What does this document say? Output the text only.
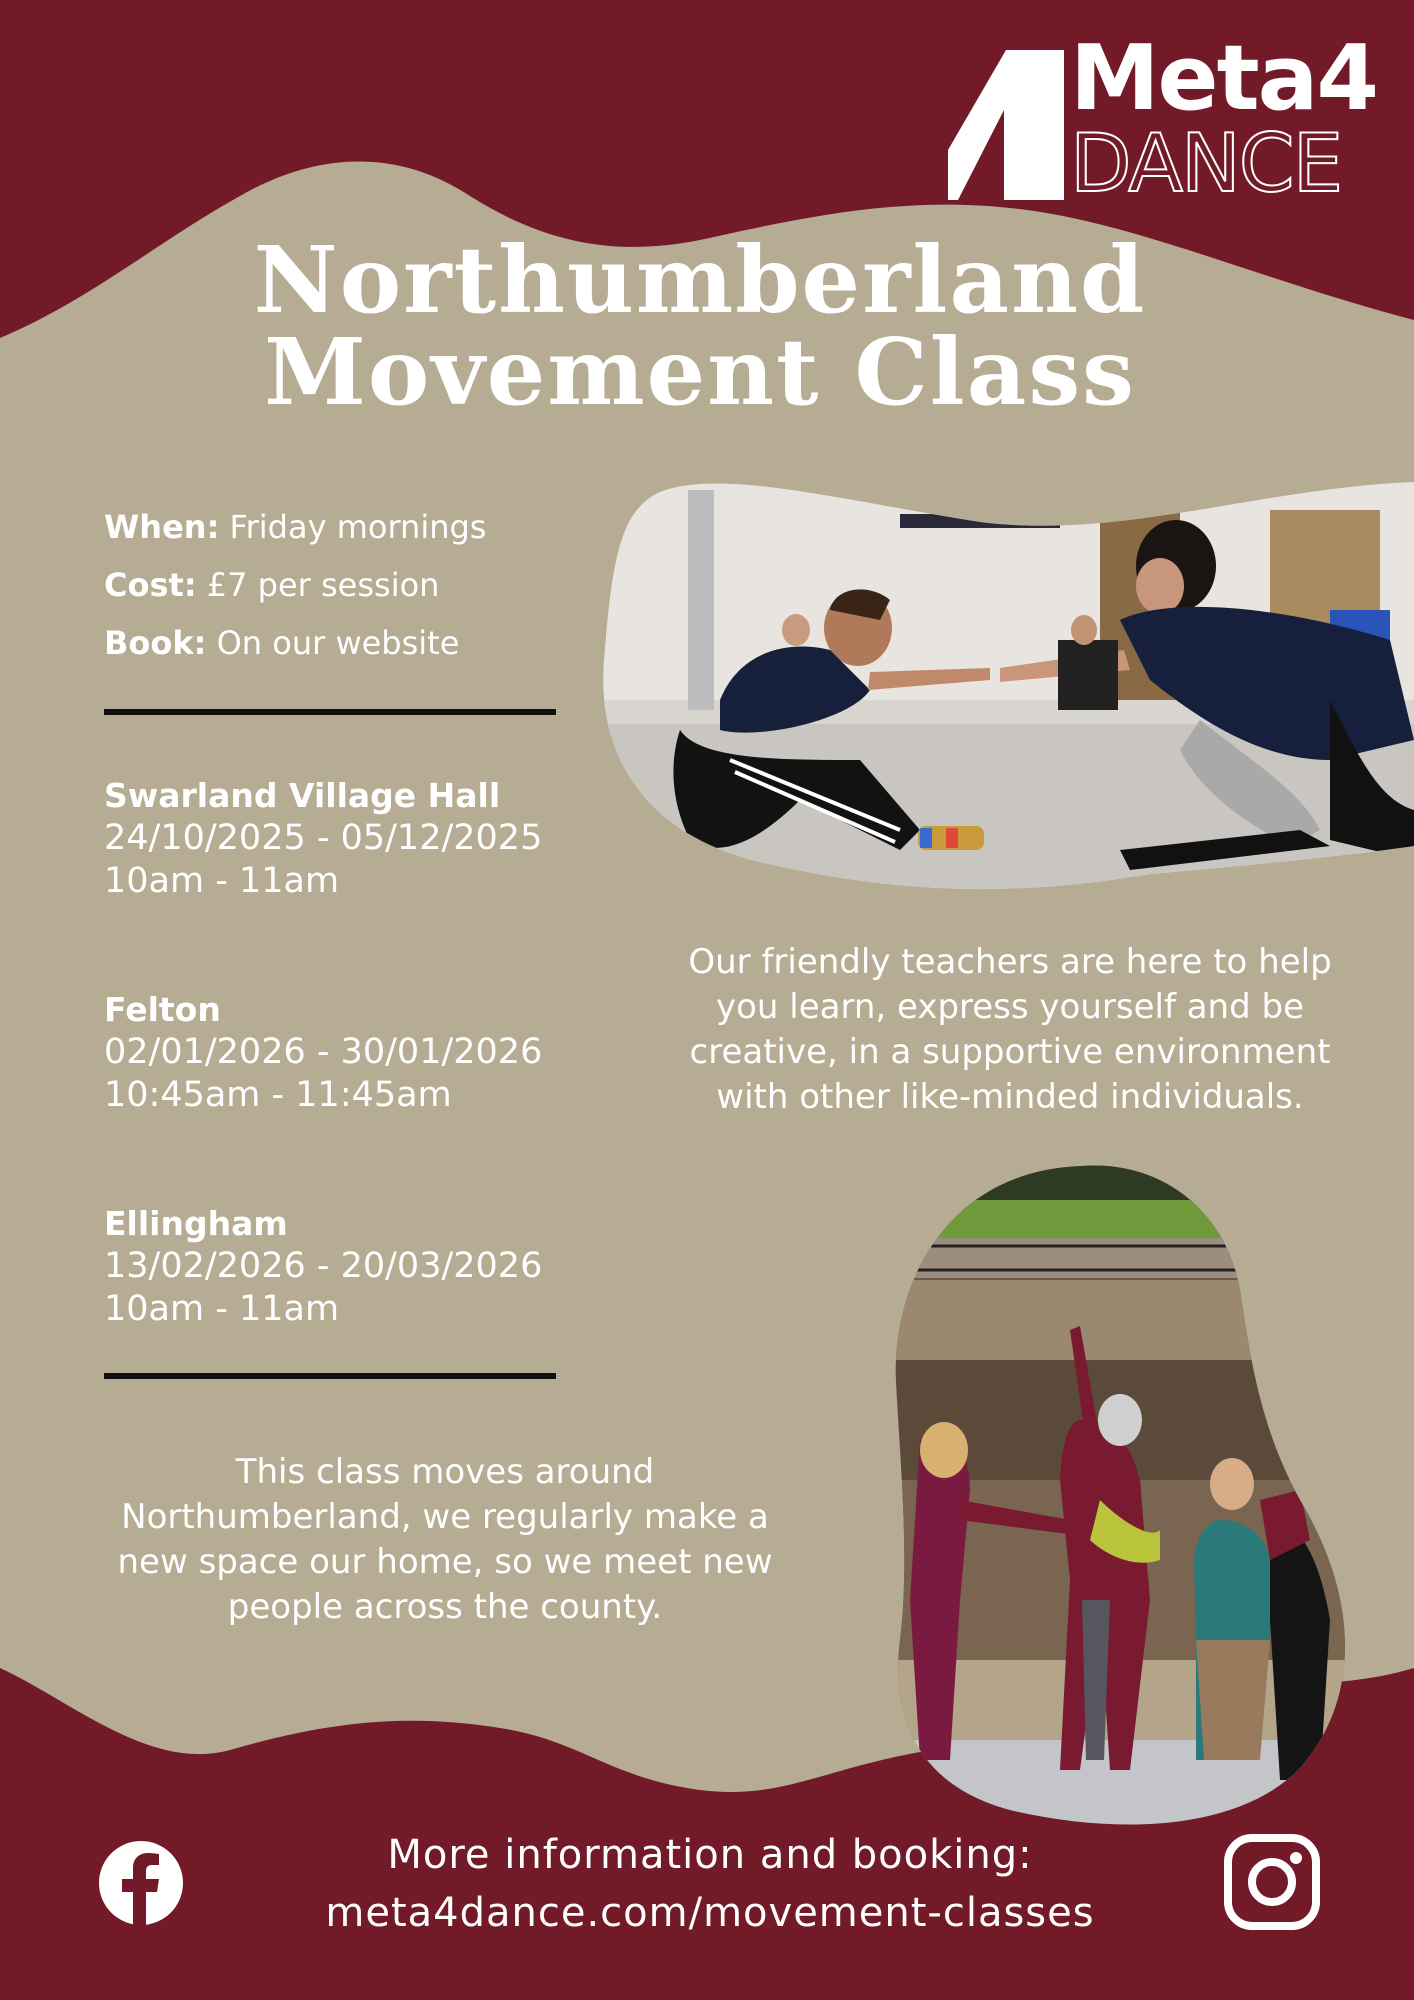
Meta4
DANCE
Northumberland
Movement Class
When: Friday mornings
Cost: £7 per session
Book: On our website
Swarland Village Hall
24/10/2025 - 05/12/2025
10am - 11am
Felton
02/01/2026 - 30/01/2026
10:45am - 11:45am
Ellingham
13/02/2026 - 20/03/2026
10am - 11am

Our friendly teachers are here to help
you learn, express yourself and be
creative, in a supportive environment
with other like-minded individuals.

This class moves around
Northumberland, we regularly make a
new space our home, so we meet new
people across the county.

More information and booking:
meta4dance.com/movement-classes
